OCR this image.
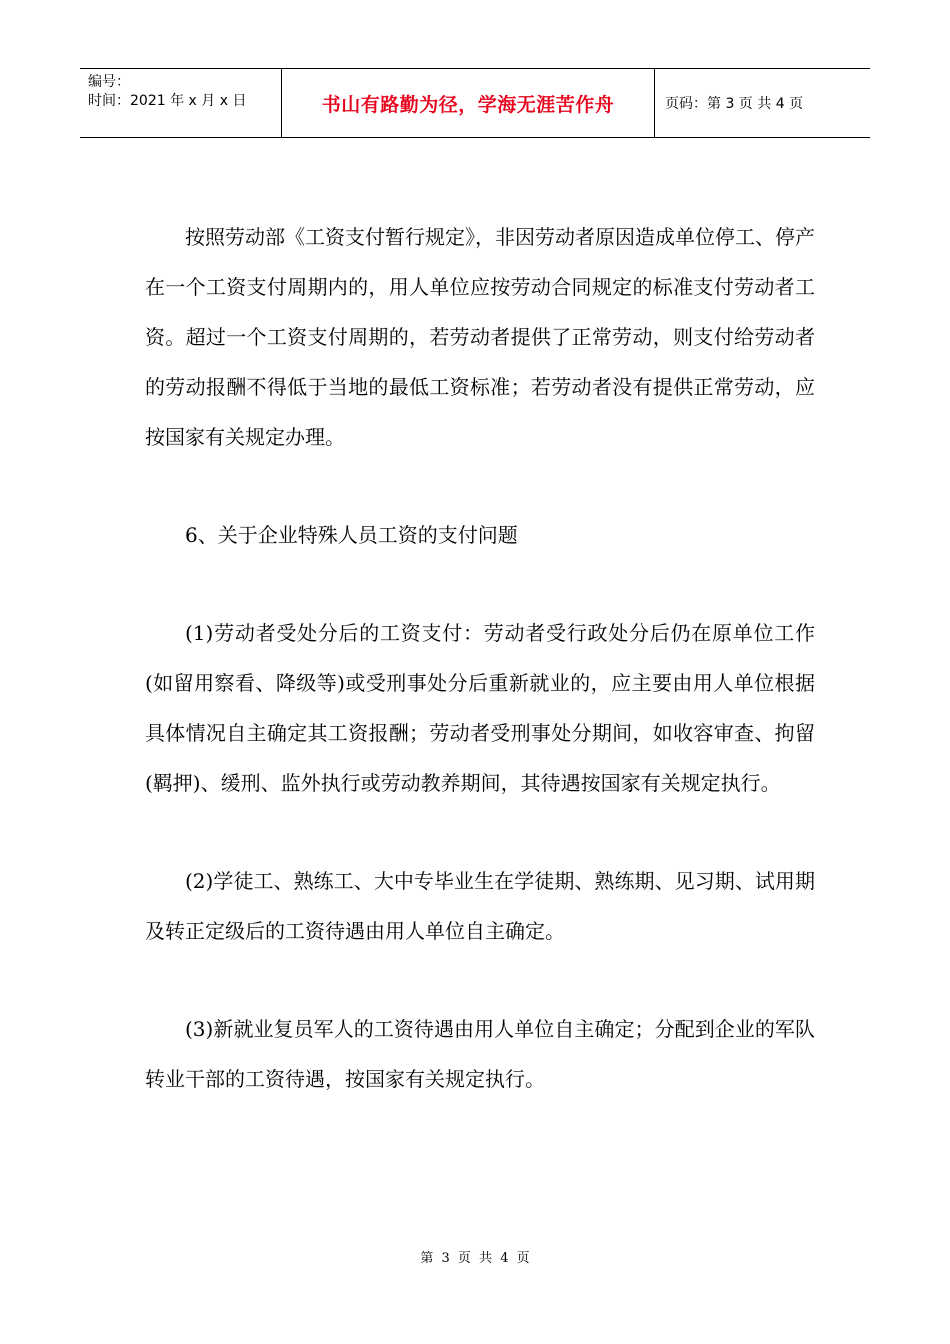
编号：
时间：2021 年 x 月 x 日	书山有路勤为径，学海无涯苦作舟	页码：第 3 页 共 4 页

按照劳动部《工资支付暂行规定》，非因劳动者原因造成单位停工、停产在一个工资支付周期内的，用人单位应按劳动合同规定的标准支付劳动者工资。超过一个工资支付周期的，若劳动者提供了正常劳动，则支付给劳动者的劳动报酬不得低于当地的最低工资标准；若劳动者没有提供正常劳动，应按国家有关规定办理。

6、关于企业特殊人员工资的支付问题

(1)劳动者受处分后的工资支付：劳动者受行政处分后仍在原单位工作(如留用察看、降级等)或受刑事处分后重新就业的，应主要由用人单位根据具体情况自主确定其工资报酬；劳动者受刑事处分期间，如收容审查、拘留(羁押)、缓刑、监外执行或劳动教养期间，其待遇按国家有关规定执行。

(2)学徒工、熟练工、大中专毕业生在学徒期、熟练期、见习期、试用期及转正定级后的工资待遇由用人单位自主确定。

(3)新就业复员军人的工资待遇由用人单位自主确定；分配到企业的军队转业干部的工资待遇，按国家有关规定执行。

第 3 页 共 4 页
